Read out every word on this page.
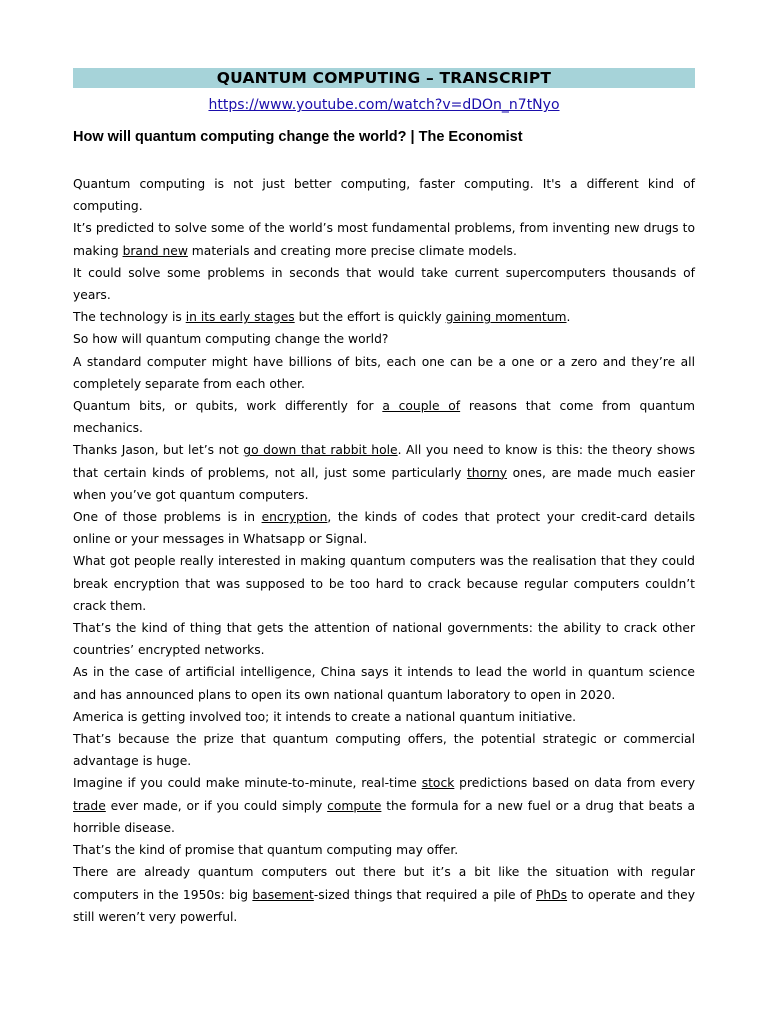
QUANTUM COMPUTING – TRANSCRIPT
https://www.youtube.com/watch?v=dDOn_n7tNyo
How will quantum computing change the world? | The Economist

Quantum computing is not just better computing, faster computing. It's a different kind of computing.

It’s predicted to solve some of the world’s most fundamental problems, from inventing new drugs to making brand new materials and creating more precise climate models.

It could solve some problems in seconds that would take current supercomputers thousands of years.

The technology is in its early stages but the effort is quickly gaining momentum.

So how will quantum computing change the world?

A standard computer might have billions of bits, each one can be a one or a zero and they’re all completely separate from each other.

Quantum bits, or qubits, work differently for a couple of reasons that come from quantum mechanics.

Thanks Jason, but let’s not go down that rabbit hole. All you need to know is this: the theory shows that certain kinds of problems, not all, just some particularly thorny ones, are made much easier when you’ve got quantum computers.

One of those problems is in encryption, the kinds of codes that protect your credit-card details online or your messages in Whatsapp or Signal.

What got people really interested in making quantum computers was the realisation that they could break encryption that was supposed to be too hard to crack because regular computers couldn’t crack them.

That’s the kind of thing that gets the attention of national governments: the ability to crack other countries’ encrypted networks.

As in the case of artificial intelligence, China says it intends to lead the world in quantum science and has announced plans to open its own national quantum laboratory to open in 2020.

America is getting involved too; it intends to create a national quantum initiative.

That’s because the prize that quantum computing offers, the potential strategic or commercial advantage is huge.

Imagine if you could make minute-to-minute, real-time stock predictions based on data from every trade ever made, or if you could simply compute the formula for a new fuel or a drug that beats a horrible disease.

That’s the kind of promise that quantum computing may offer.

There are already quantum computers out there but it’s a bit like the situation with regular computers in the 1950s: big basement-sized things that required a pile of PhDs to operate and they still weren’t very powerful.
